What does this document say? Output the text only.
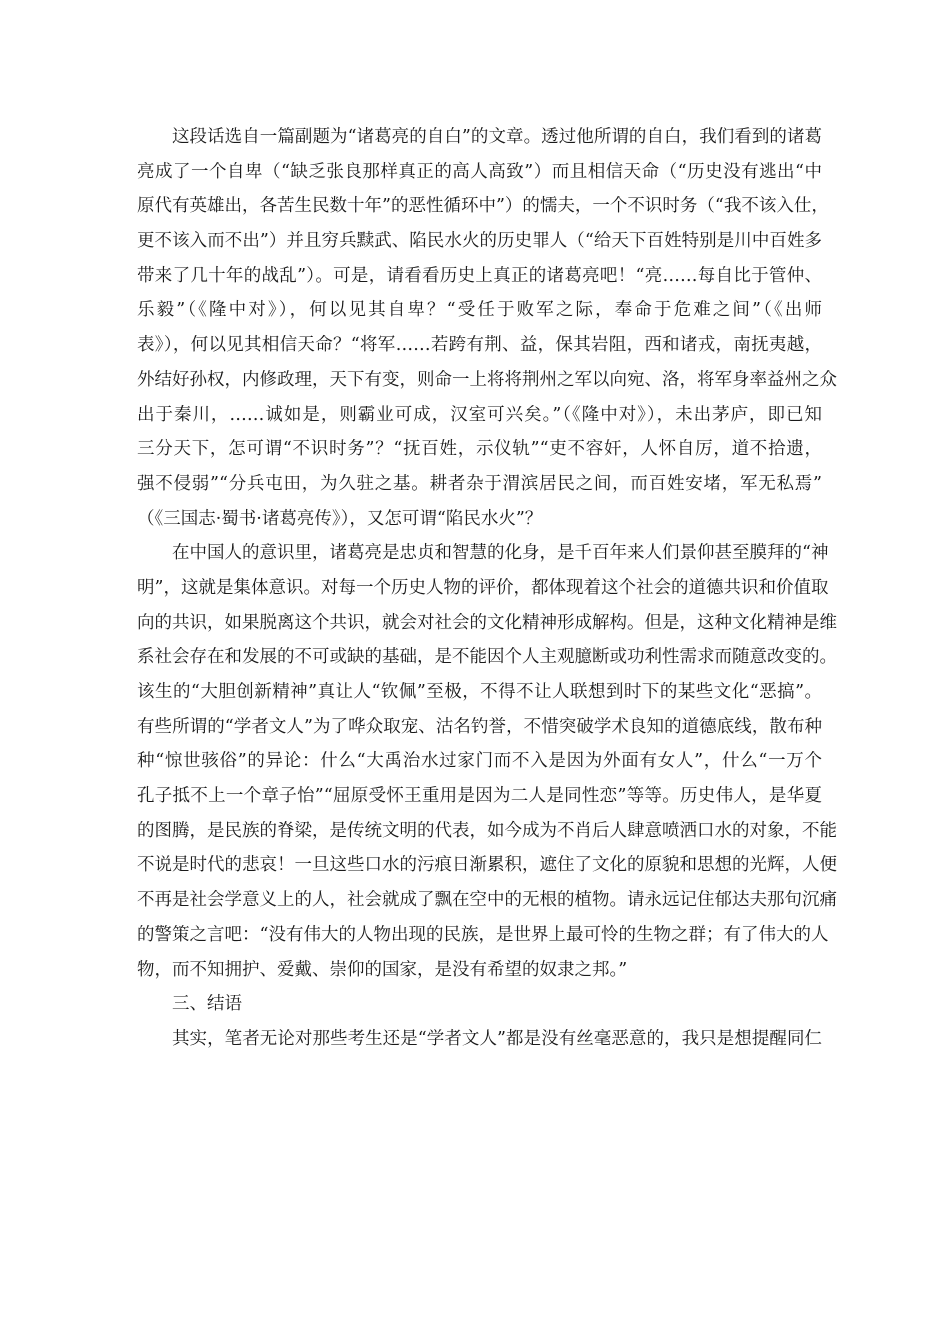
这段话选自一篇副题为“诸葛亮的自白”的文章。透过他所谓的自白，我们看到的诸葛
亮成了一个自卑（“缺乏张良那样真正的高人高致”）而且相信天命（“历史没有逃出“中
原代有英雄出，各苦生民数十年”的恶性循环中”）的懦夫，一个不识时务（“我不该入仕，
更不该入而不出”）并且穷兵黩武、陷民水火的历史罪人（“给天下百姓特别是川中百姓多
带来了几十年的战乱”）。可是，请看看历史上真正的诸葛亮吧！“亮……每自比于管仲、
乐毅”（《隆中对》），何以见其自卑？“受任于败军之际，奉命于危难之间”（《出师
表》），何以见其相信天命？“将军……若跨有荆、益，保其岩阻，西和诸戎，南抚夷越，
外结好孙权，内修政理，天下有变，则命一上将将荆州之军以向宛、洛，将军身率益州之众
出于秦川，……诚如是，则霸业可成，汉室可兴矣。”（《隆中对》），未出茅庐，即已知
三分天下，怎可谓“不识时务”？“抚百姓，示仪轨”“吏不容奸，人怀自厉，道不拾遗，
强不侵弱”“分兵屯田，为久驻之基。耕者杂于渭滨居民之间，而百姓安堵，军无私焉”
（《三国志·蜀书·诸葛亮传》），又怎可谓“陷民水火”？
在中国人的意识里，诸葛亮是忠贞和智慧的化身，是千百年来人们景仰甚至膜拜的“神
明”，这就是集体意识。对每一个历史人物的评价，都体现着这个社会的道德共识和价值取
向的共识，如果脱离这个共识，就会对社会的文化精神形成解构。但是，这种文化精神是维
系社会存在和发展的不可或缺的基础，是不能因个人主观臆断或功利性需求而随意改变的。
该生的“大胆创新精神”真让人“钦佩”至极，不得不让人联想到时下的某些文化“恶搞”。
有些所谓的“学者文人”为了哗众取宠、沽名钓誉，不惜突破学术良知的道德底线，散布种
种“惊世骇俗”的异论：什么“大禹治水过家门而不入是因为外面有女人”，什么“一万个
孔子抵不上一个章子怡”“屈原受怀王重用是因为二人是同性恋”等等。历史伟人，是华夏
的图腾，是民族的脊梁，是传统文明的代表，如今成为不肖后人肆意喷洒口水的对象，不能
不说是时代的悲哀！一旦这些口水的污痕日渐累积，遮住了文化的原貌和思想的光辉，人便
不再是社会学意义上的人，社会就成了飘在空中的无根的植物。请永远记住郁达夫那句沉痛
的警策之言吧：“没有伟大的人物出现的民族，是世界上最可怜的生物之群；有了伟大的人
物，而不知拥护、爱戴、崇仰的国家，是没有希望的奴隶之邦。”
三、结语
其实，笔者无论对那些考生还是“学者文人”都是没有丝毫恶意的，我只是想提醒同仁
